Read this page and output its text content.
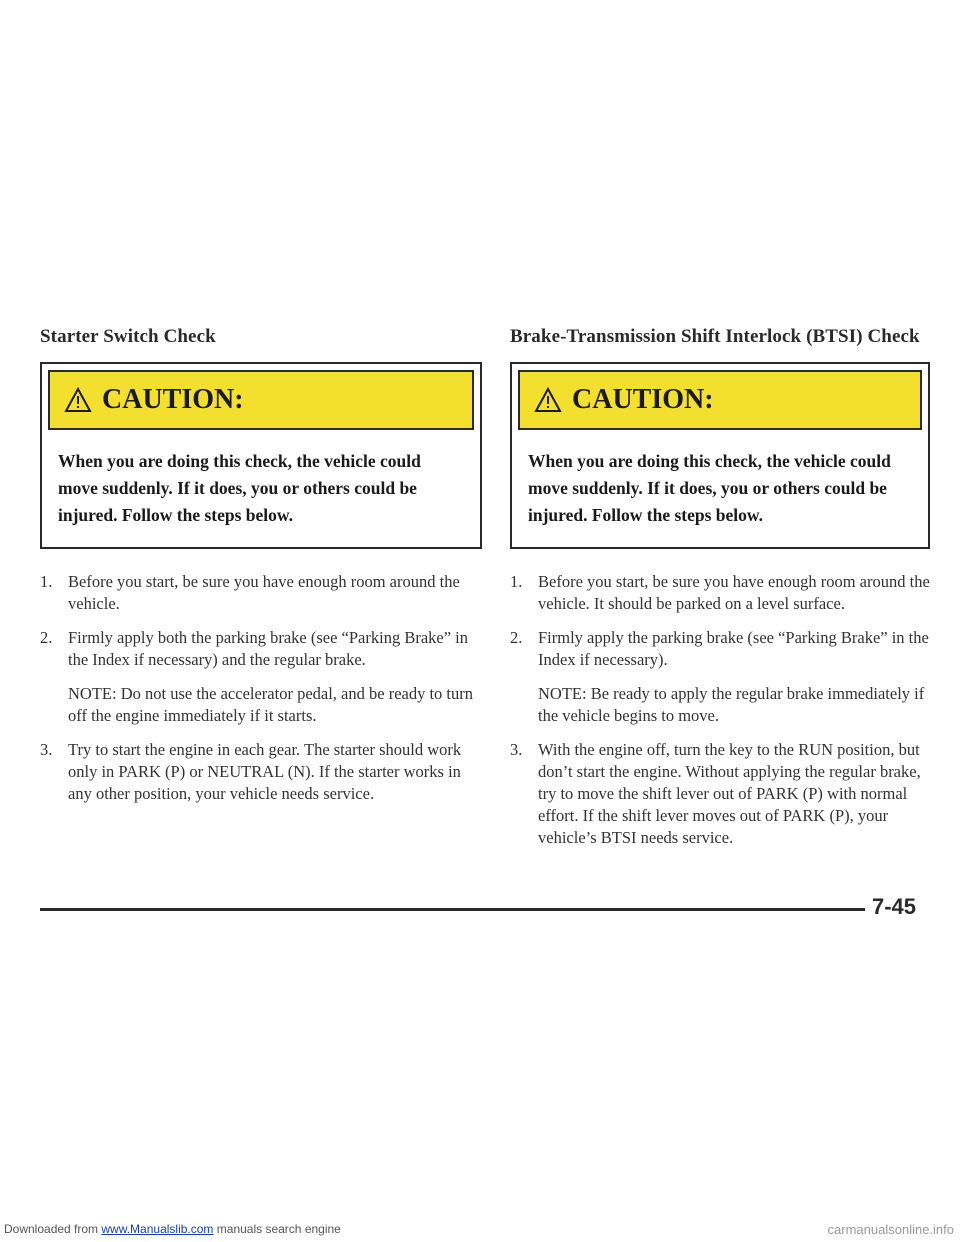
Starter Switch Check
CAUTION:
When you are doing this check, the vehicle could move suddenly. If it does, you or others could be injured. Follow the steps below.
1. Before you start, be sure you have enough room around the vehicle.
2. Firmly apply both the parking brake (see “Parking Brake” in the Index if necessary) and the regular brake.
NOTE: Do not use the accelerator pedal, and be ready to turn off the engine immediately if it starts.
3. Try to start the engine in each gear. The starter should work only in PARK (P) or NEUTRAL (N). If the starter works in any other position, your vehicle needs service.
Brake-Transmission Shift Interlock (BTSI) Check
CAUTION:
When you are doing this check, the vehicle could move suddenly. If it does, you or others could be injured. Follow the steps below.
1. Before you start, be sure you have enough room around the vehicle. It should be parked on a level surface.
2. Firmly apply the parking brake (see “Parking Brake” in the Index if necessary).
NOTE: Be ready to apply the regular brake immediately if the vehicle begins to move.
3. With the engine off, turn the key to the RUN position, but don’t start the engine. Without applying the regular brake, try to move the shift lever out of PARK (P) with normal effort. If the shift lever moves out of PARK (P), your vehicle’s BTSI needs service.
7-45
Downloaded from www.Manualslib.com manuals search engine	carmanualsonline.info
